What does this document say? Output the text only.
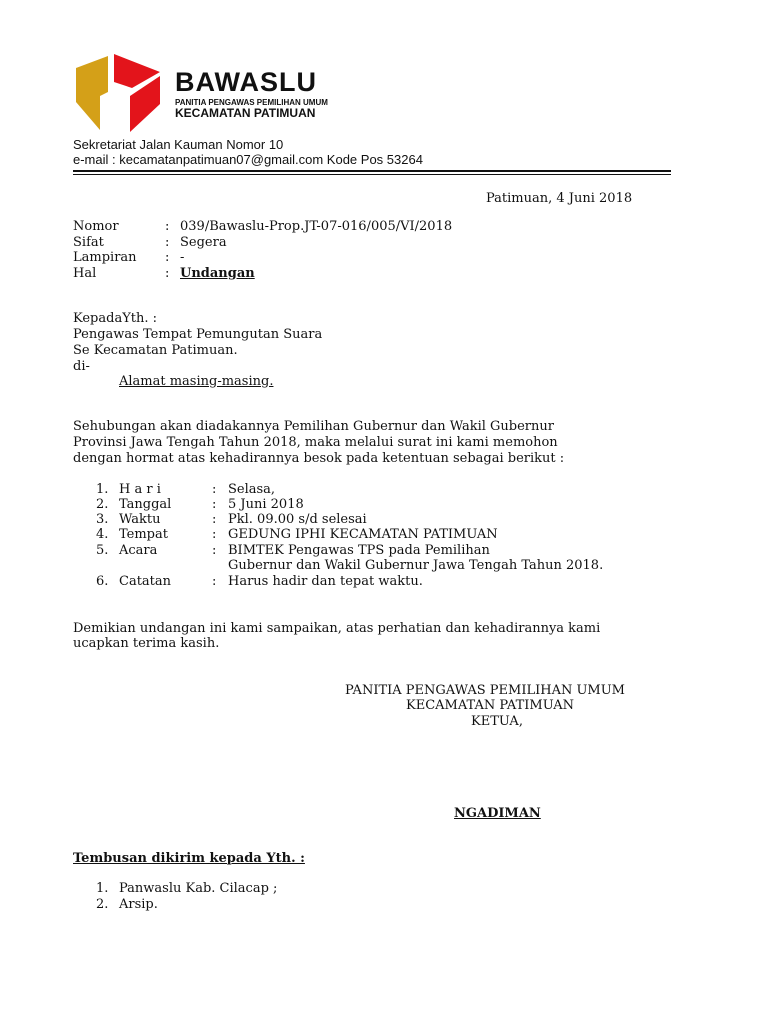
BAWASLU
PANITIA PENGAWAS PEMILIHAN UMUM
KECAMATAN PATIMUAN
Sekretariat Jalan Kauman Nomor 10
e-mail : kecamatanpatimuan07@gmail.com Kode Pos 53264
Patimuan, 4 Juni 2018
Nomor	: 039/Bawaslu-Prop.JT-07-016/005/VI/2018
Sifat	: Segera
Lampiran : -
Hal	: Undangan
KepadaYth. :
Pengawas Tempat Pemungutan Suara
Se Kecamatan Patimuan.
di-
Alamat masing-masing.
Sehubungan akan diadakannya Pemilihan Gubernur dan Wakil Gubernur
Provinsi Jawa Tengah Tahun 2018, maka melalui surat ini kami memohon
dengan hormat atas kehadirannya besok pada ketentuan sebagai berikut :
1. H a r i	: Selasa,
2. Tanggal	: 5 Juni 2018
3. Waktu	: Pkl. 09.00 s/d selesai
4. Tempat	: GEDUNG IPHI KECAMATAN PATIMUAN
5. Acara	: BIMTEK Pengawas TPS pada Pemilihan
Gubernur dan Wakil Gubernur Jawa Tengah Tahun 2018.
6. Catatan	: Harus hadir dan tepat waktu.
Demikian undangan ini kami sampaikan, atas perhatian dan kehadirannya kami
ucapkan terima kasih.
PANITIA PENGAWAS PEMILIHAN UMUM
KECAMATAN PATIMUAN
KETUA,
NGADIMAN
Tembusan dikirim kepada Yth. :
1. Panwaslu Kab. Cilacap ;
2. Arsip.
